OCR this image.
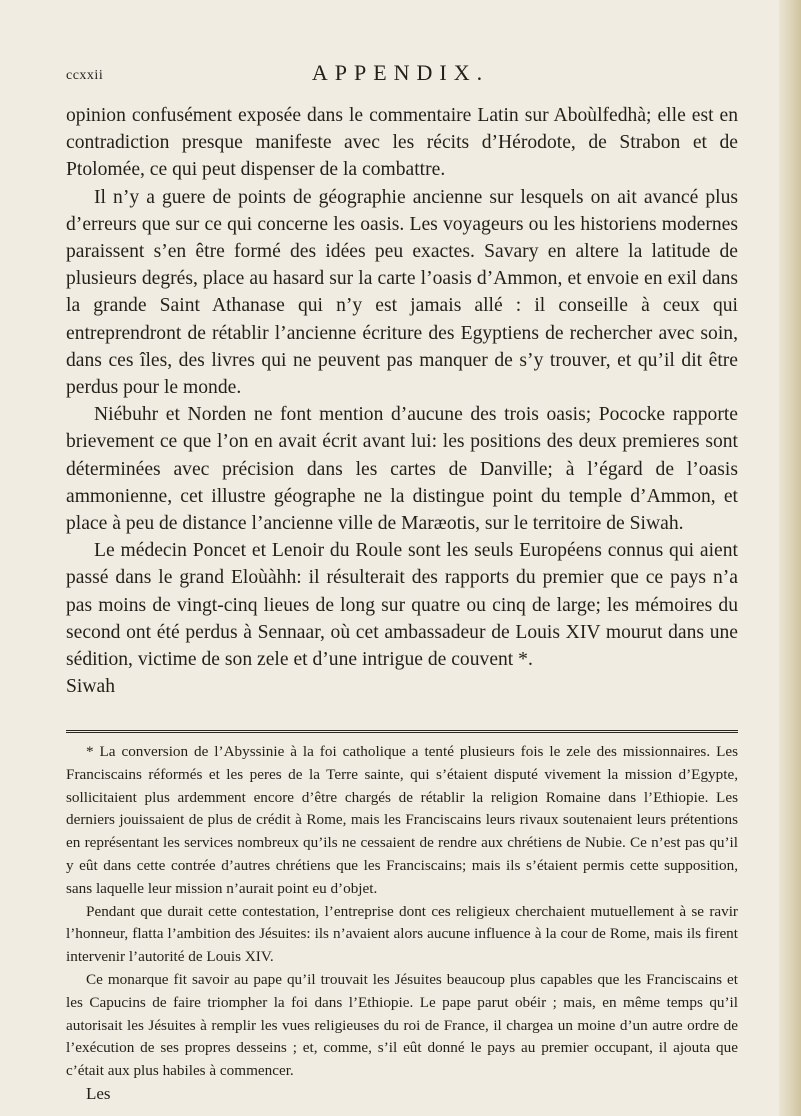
ccxxii	APPENDIX.

opinion confusément exposée dans le commentaire Latin sur Aboùlfedhà; elle est en contradiction presque manifeste avec les récits d’Hérodote, de Strabon et de Ptolomée, ce qui peut dispenser de la combattre.

Il n’y a guere de points de géographie ancienne sur lesquels on ait avancé plus d’erreurs que sur ce qui concerne les oasis. Les voyageurs ou les historiens modernes paraissent s’en être formé des idées peu exactes. Savary en altere la latitude de plusieurs degrés, place au hasard sur la carte l’oasis d’Ammon, et envoie en exil dans la grande Saint Athanase qui n’y est jamais allé : il conseille à ceux qui entreprendront de rétablir l’ancienne écriture des Egyptiens de rechercher avec soin, dans ces îles, des livres qui ne peuvent pas manquer de s’y trouver, et qu’il dit être perdus pour le monde.

Niébuhr et Norden ne font mention d’aucune des trois oasis; Pococke rapporte brievement ce que l’on en avait écrit avant lui: les positions des deux premieres sont déterminées avec précision dans les cartes de Danville; à l’égard de l’oasis ammonienne, cet illustre géographe ne la distingue point du temple d’Ammon, et place à peu de distance l’ancienne ville de Maræotis, sur le territoire de Siwah.

Le médecin Poncet et Lenoir du Roule sont les seuls Européens connus qui aient passé dans le grand Eloùàhh: il résulterait des rapports du premier que ce pays n’a pas moins de vingt-cinq lieues de long sur quatre ou cinq de large; les mémoires du second ont été perdus à Sennaar, où cet ambassadeur de Louis XIV mourut dans une sédition, victime de son zele et d’une intrigue de couvent *.

Siwah

* La conversion de l’Abyssinie à la foi catholique a tenté plusieurs fois le zele des missionnaires. Les Franciscains réformés et les peres de la Terre sainte, qui s’étaient disputé vivement la mission d’Egypte, sollicitaient plus ardemment encore d’être chargés de rétablir la religion Romaine dans l’Ethiopie. Les derniers jouissaient de plus de crédit à Rome, mais les Franciscains leurs rivaux soutenaient leurs prétentions en représentant les services nombreux qu’ils ne cessaient de rendre aux chrétiens de Nubie. Ce n’est pas qu’il y eût dans cette contrée d’autres chrétiens que les Franciscains; mais ils s’étaient permis cette supposition, sans laquelle leur mission n’aurait point eu d’objet.

Pendant que durait cette contestation, l’entreprise dont ces religieux cherchaient mutuellement à se ravir l’honneur, flatta l’ambition des Jésuites: ils n’avaient alors aucune influence à la cour de Rome, mais ils firent intervenir l’autorité de Louis XIV.

Ce monarque fit savoir au pape qu’il trouvait les Jésuites beaucoup plus capables que les Franciscains et les Capucins de faire triompher la foi dans l’Ethiopie. Le pape parut obéir ; mais, en même temps qu’il autorisait les Jésuites à remplir les vues religieuses du roi de France, il chargea un moine d’un autre ordre de l’exécution de ses propres desseins ; et, comme, s’il eût donné le pays au premier occupant, il ajouta que c’était aux plus habiles à commencer.

Les
